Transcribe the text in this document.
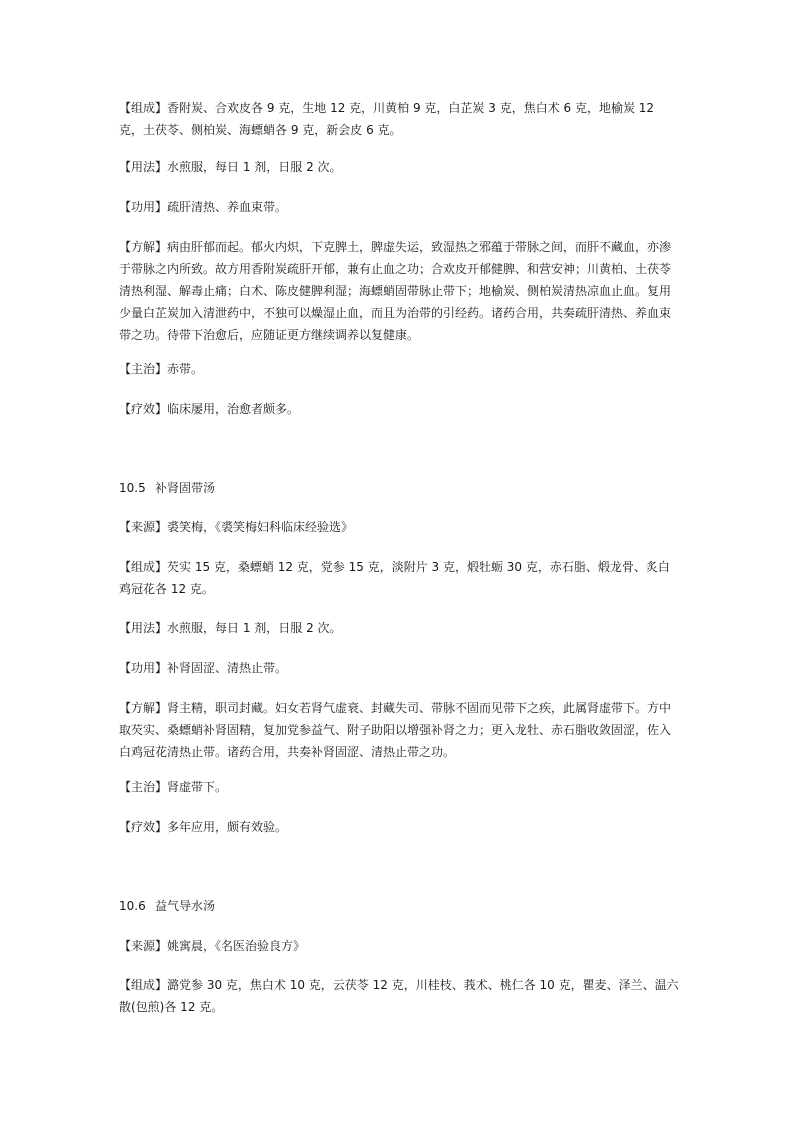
【组成】香附炭、合欢皮各 9 克，生地 12 克，川黄柏 9 克，白芷炭 3 克，焦白术 6 克，地榆炭 12 克，土茯苓、侧柏炭、海螵蛸各 9 克，新会皮 6 克。

【用法】水煎服，每日 1 剂，日服 2 次。

【功用】疏肝清热、养血束带。

【方解】病由肝郁而起。郁火内炽，下克脾土，脾虚失运，致湿热之邪蕴于带脉之间，而肝不藏血，亦渗于带脉之内所致。故方用香附炭疏肝开郁，兼有止血之功；合欢皮开郁健脾、和营安神；川黄柏、土茯苓清热利湿、解毒止痛；白术、陈皮健脾利湿；海螵蛸固带脉止带下；地榆炭、侧柏炭清热凉血止血。复用少量白芷炭加入清泄药中，不独可以燥湿止血，而且为治带的引经药。诸药合用，共奏疏肝清热、养血束带之功。待带下治愈后，应随证更方继续调养以复健康。

【主治】赤带。

【疗效】临床屡用，治愈者颇多。

10.5 补肾固带汤

【来源】裘笑梅，《裘笑梅妇科临床经验选》

【组成】芡实 15 克，桑螵蛸 12 克，党参 15 克，淡附片 3 克，煅牡蛎 30 克，赤石脂、煅龙骨、炙白鸡冠花各 12 克。

【用法】水煎服，每日 1 剂，日服 2 次。

【功用】补肾固涩、清热止带。

【方解】肾主精，职司封藏。妇女若肾气虚衰、封藏失司、带脉不固而见带下之疾，此属肾虚带下。方中取芡实、桑螵蛸补肾固精，复加党参益气、附子助阳以增强补肾之力；更入龙牡、赤石脂收敛固涩，佐入白鸡冠花清热止带。诸药合用，共奏补肾固涩、清热止带之功。

【主治】肾虚带下。

【疗效】多年应用，颇有效验。

10.6 益气导水汤

【来源】姚寓晨，《名医治验良方》

【组成】潞党参 30 克，焦白术 10 克，云茯苓 12 克，川桂枝、莪术、桃仁各 10 克，瞿麦、泽兰、温六散(包煎)各 12 克。
